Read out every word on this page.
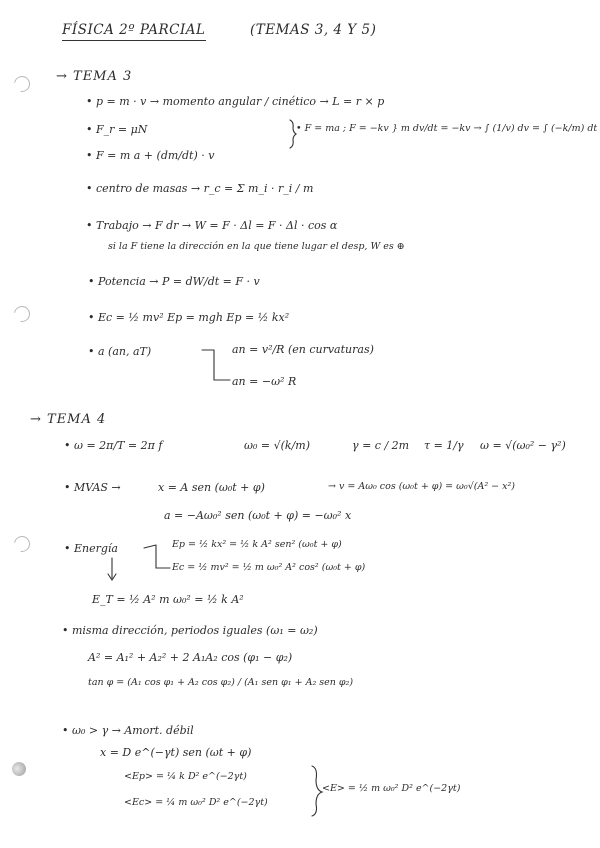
FÍSICA 2º PARCIAL	(TEMAS 3, 4 Y 5)
→ TEMA 3
• p = m · v → momento angular / cinético → L = r × p
• F_r = μN	• F = ma ; F = −kv } m dv/dt = −kv → ∫ (1/v) dv = ∫ (−k/m) dt
• F = m a + (dm/dt) · v
• centro de masas → r_c = Σ m_i · r_i / m
• Trabajo → F dr → W = F · Δl = F · Δl · cos α
si la F tiene la dirección en la que tiene lugar el desp, W es ⊕
• Potencia → P = dW/dt = F · v
• Ec = ½ mv² Ep = mgh Ep = ½ kx²
• a (an, aT)	an = v²/R (en curvaturas)
an = −ω² R
→ TEMA 4
• ω = 2π/T = 2π f	ω₀ = √(k/m)	γ = c / 2m τ = 1/γ ω = √(ω₀² − γ²)
• MVAS →	x = A sen (ω₀t + φ)	→ v = Aω₀ cos (ω₀t + φ) = ω₀√(A² − x²)
a = −Aω₀² sen (ω₀t + φ) = −ω₀² x
• Energía	Ep = ½ kx² = ½ k A² sen² (ω₀t + φ)
Ec = ½ mv² = ½ m ω₀² A² cos² (ω₀t + φ)
E_T = ½ A² m ω₀² = ½ k A²
• misma dirección, periodos iguales (ω₁ = ω₂)
A² = A₁² + A₂² + 2 A₁A₂ cos (φ₁ − φ₂)
tan φ = (A₁ cos φ₁ + A₂ cos φ₂) / (A₁ sen φ₁ + A₂ sen φ₂)
• ω₀ > γ → Amort. débil
x = D e^(−γt) sen (ωt + φ)
<Ep> = ¼ k D² e^(−2γt)
<Ec> = ¼ m ω₀² D² e^(−2γt)
<E> = ½ m ω₀² D² e^(−2γt)
